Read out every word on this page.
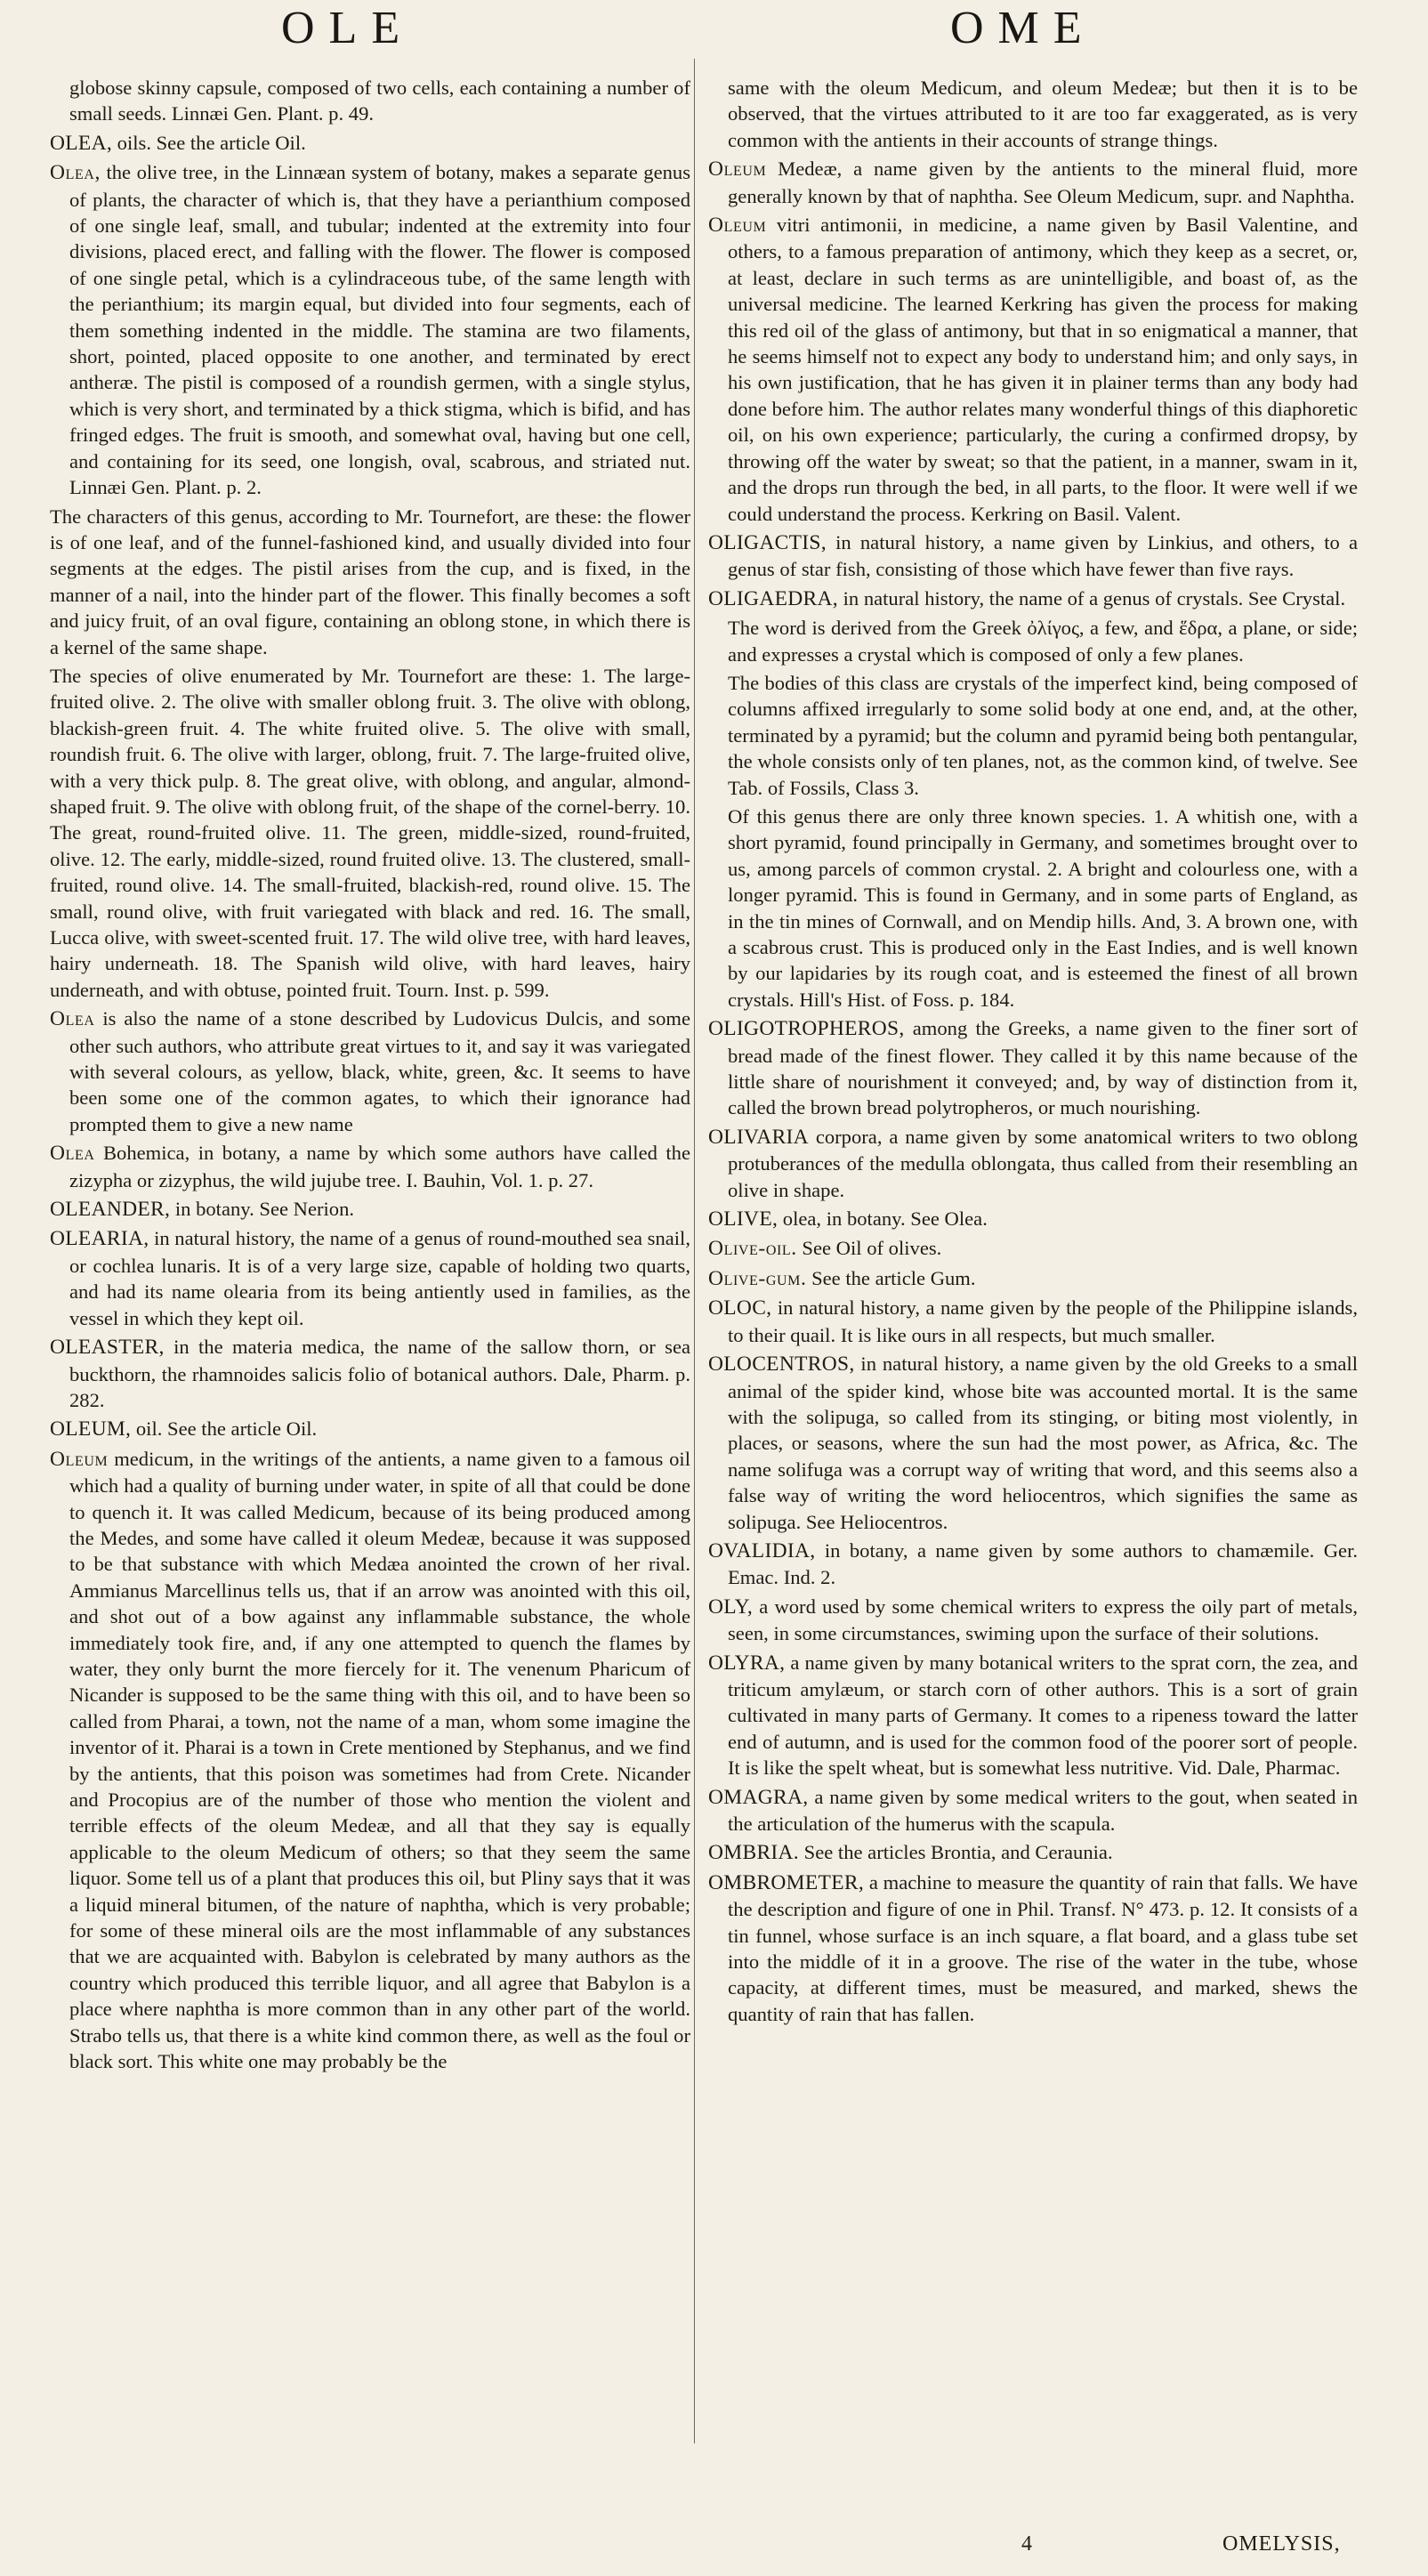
OLE	OME

globose skinny capsule, composed of two cells, each containing a number of small seeds. Linnæi Gen. Plant. p. 49.

OLEA, oils. See the article Oil.

Olea, the olive tree, in the Linnæan system of botany, makes a separate genus of plants, the character of which is, that they have a perianthium composed of one single leaf, small, and tubular; indented at the extremity into four divisions, placed erect, and falling with the flower. The flower is composed of one single petal, which is a cylindraceous tube, of the same length with the perianthium; its margin equal, but divided into four segments, each of them something indented in the middle. The stamina are two filaments, short, pointed, placed opposite to one another, and terminated by erect antheræ. The pistil is composed of a roundish germen, with a single stylus, which is very short, and terminated by a thick stigma, which is bifid, and has fringed edges. The fruit is smooth, and somewhat oval, having but one cell, and containing for its seed, one longish, oval, scabrous, and striated nut. Linnæi Gen. Plant. p. 2.

The characters of this genus, according to Mr. Tournefort, are these: the flower is of one leaf, and of the funnel-fashioned kind, and usually divided into four segments at the edges. The pistil arises from the cup, and is fixed, in the manner of a nail, into the hinder part of the flower. This finally becomes a soft and juicy fruit, of an oval figure, containing an oblong stone, in which there is a kernel of the same shape.

The species of olive enumerated by Mr. Tournefort are these: 1. The large-fruited olive. 2. The olive with smaller oblong fruit. 3. The olive with oblong, blackish-green fruit. 4. The white fruited olive. 5. The olive with small, roundish fruit. 6. The olive with larger, oblong, fruit. 7. The large-fruited olive, with a very thick pulp. 8. The great olive, with oblong, and angular, almond-shaped fruit. 9. The olive with oblong fruit, of the shape of the cornel-berry. 10. The great, round-fruited olive. 11. The green, middle-sized, round-fruited, olive. 12. The early, middle-sized, round fruited olive. 13. The clustered, small-fruited, round olive. 14. The small-fruited, blackish-red, round olive. 15. The small, round olive, with fruit variegated with black and red. 16. The small, Lucca olive, with sweet-scented fruit. 17. The wild olive tree, with hard leaves, hairy underneath. 18. The Spanish wild olive, with hard leaves, hairy underneath, and with obtuse, pointed fruit. Tourn. Inst. p. 599.

Olea is also the name of a stone described by Ludovicus Dulcis, and some other such authors, who attribute great virtues to it, and say it was variegated with several colours, as yellow, black, white, green, &c. It seems to have been some one of the common agates, to which their ignorance had prompted them to give a new name

Olea Bohemica, in botany, a name by which some authors have called the zizypha or zizyphus, the wild jujube tree. I. Bauhin, Vol. 1. p. 27.

OLEANDER, in botany. See Nerion.

OLEARIA, in natural history, the name of a genus of round-mouthed sea snail, or cochlea lunaris. It is of a very large size, capable of holding two quarts, and had its name olearia from its being antiently used in families, as the vessel in which they kept oil.

OLEASTER, in the materia medica, the name of the sallow thorn, or sea buckthorn, the rhamnoides salicis folio of botanical authors. Dale, Pharm. p. 282.

OLEUM, oil. See the article Oil.

Oleum medicum, in the writings of the antients, a name given to a famous oil which had a quality of burning under water, in spite of all that could be done to quench it. It was called Medicum, because of its being produced among the Medes, and some have called it oleum Medeæ, because it was supposed to be that substance with which Medæa anointed the crown of her rival. Ammianus Marcellinus tells us, that if an arrow was anointed with this oil, and shot out of a bow against any inflammable substance, the whole immediately took fire, and, if any one attempted to quench the flames by water, they only burnt the more fiercely for it. The venenum Pharicum of Nicander is supposed to be the same thing with this oil, and to have been so called from Pharai, a town, not the name of a man, whom some imagine the inventor of it. Pharai is a town in Crete mentioned by Stephanus, and we find by the antients, that this poison was sometimes had from Crete. Nicander and Procopius are of the number of those who mention the violent and terrible effects of the oleum Medeæ, and all that they say is equally applicable to the oleum Medicum of others; so that they seem the same liquor. Some tell us of a plant that produces this oil, but Pliny says that it was a liquid mineral bitumen, of the nature of naphtha, which is very probable; for some of these mineral oils are the most inflammable of any substances that we are acquainted with. Babylon is celebrated by many authors as the country which produced this terrible liquor, and all agree that Babylon is a place where naphtha is more common than in any other part of the world. Strabo tells us, that there is a white kind common there, as well as the foul or black sort. This white one may probably be the

same with the oleum Medicum, and oleum Medeæ; but then it is to be observed, that the virtues attributed to it are too far exaggerated, as is very common with the antients in their accounts of strange things.

Oleum Medeæ, a name given by the antients to the mineral fluid, more generally known by that of naphtha. See Oleum Medicum, supr. and Naphtha.

Oleum vitri antimonii, in medicine, a name given by Basil Valentine, and others, to a famous preparation of antimony, which they keep as a secret, or, at least, declare in such terms as are unintelligible, and boast of, as the universal medicine. The learned Kerkring has given the process for making this red oil of the glass of antimony, but that in so enigmatical a manner, that he seems himself not to expect any body to understand him; and only says, in his own justification, that he has given it in plainer terms than any body had done before him. The author relates many wonderful things of this diaphoretic oil, on his own experience; particularly, the curing a confirmed dropsy, by throwing off the water by sweat; so that the patient, in a manner, swam in it, and the drops run through the bed, in all parts, to the floor. It were well if we could understand the process. Kerkring on Basil. Valent.

OLIGACTIS, in natural history, a name given by Linkius, and others, to a genus of star fish, consisting of those which have fewer than five rays.

OLIGAEDRA, in natural history, the name of a genus of crystals. See Crystal.

The word is derived from the Greek ὀλίγος, a few, and ἕδρα, a plane, or side; and expresses a crystal which is composed of only a few planes.

The bodies of this class are crystals of the imperfect kind, being composed of columns affixed irregularly to some solid body at one end, and, at the other, terminated by a pyramid; but the column and pyramid being both pentangular, the whole consists only of ten planes, not, as the common kind, of twelve. See Tab. of Fossils, Class 3.

Of this genus there are only three known species. 1. A whitish one, with a short pyramid, found principally in Germany, and sometimes brought over to us, among parcels of common crystal. 2. A bright and colourless one, with a longer pyramid. This is found in Germany, and in some parts of England, as in the tin mines of Cornwall, and on Mendip hills. And, 3. A brown one, with a scabrous crust. This is produced only in the East Indies, and is well known by our lapidaries by its rough coat, and is esteemed the finest of all brown crystals. Hill's Hist. of Foss. p. 184.

OLIGOTROPHEROS, among the Greeks, a name given to the finer sort of bread made of the finest flower. They called it by this name because of the little share of nourishment it conveyed; and, by way of distinction from it, called the brown bread polytropheros, or much nourishing.

OLIVARIA corpora, a name given by some anatomical writers to two oblong protuberances of the medulla oblongata, thus called from their resembling an olive in shape.

OLIVE, olea, in botany. See Olea.

Olive-oil. See Oil of olives.

Olive-gum. See the article Gum.

OLOC, in natural history, a name given by the people of the Philippine islands, to their quail. It is like ours in all respects, but much smaller.

OLOCENTROS, in natural history, a name given by the old Greeks to a small animal of the spider kind, whose bite was accounted mortal. It is the same with the solipuga, so called from its stinging, or biting most violently, in places, or seasons, where the sun had the most power, as Africa, &c. The name solifuga was a corrupt way of writing that word, and this seems also a false way of writing the word heliocentros, which signifies the same as solipuga. See Heliocentros.

OVALIDIA, in botany, a name given by some authors to chamæmile. Ger. Emac. Ind. 2.

OLY, a word used by some chemical writers to express the oily part of metals, seen, in some circumstances, swiming upon the surface of their solutions.

OLYRA, a name given by many botanical writers to the sprat corn, the zea, and triticum amylæum, or starch corn of other authors. This is a sort of grain cultivated in many parts of Germany. It comes to a ripeness toward the latter end of autumn, and is used for the common food of the poorer sort of people. It is like the spelt wheat, but is somewhat less nutritive. Vid. Dale, Pharmac.

OMAGRA, a name given by some medical writers to the gout, when seated in the articulation of the humerus with the scapula.

OMBRIA. See the articles Brontia, and Ceraunia.

OMBROMETER, a machine to measure the quantity of rain that falls. We have the description and figure of one in Phil. Transf. N° 473. p. 12. It consists of a tin funnel, whose surface is an inch square, a flat board, and a glass tube set into the middle of it in a groove. The rise of the water in the tube, whose capacity, at different times, must be measured, and marked, shews the quantity of rain that has fallen.

4	OMELYSIS,
